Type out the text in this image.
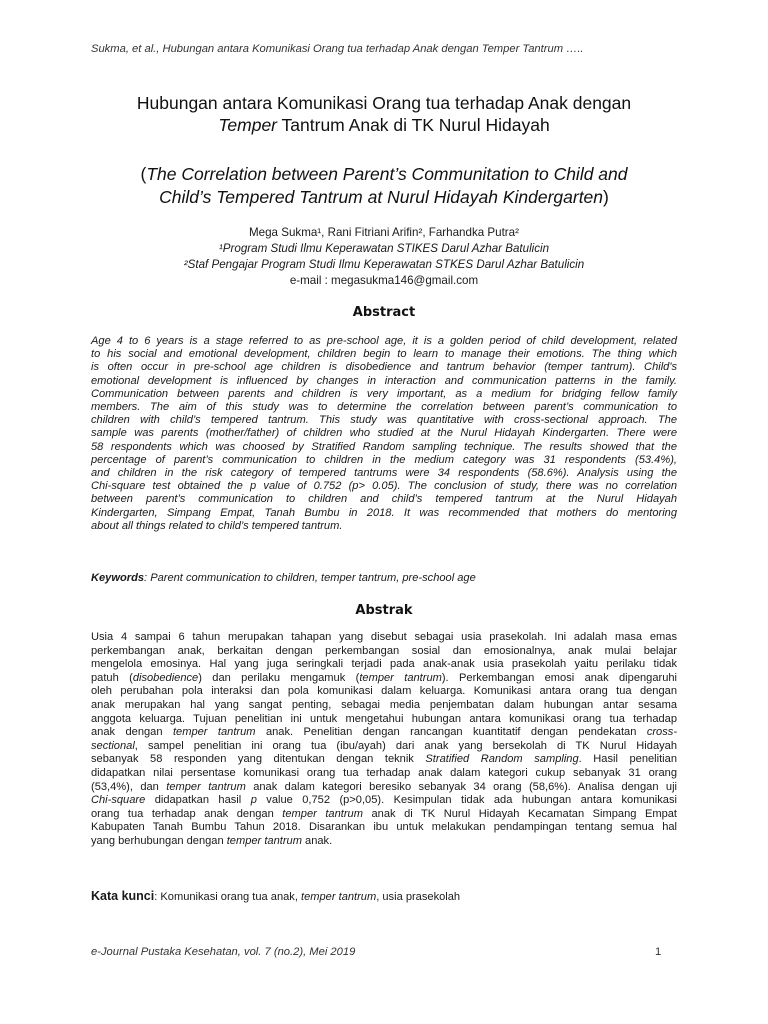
Sukma, et al., Hubungan antara Komunikasi Orang tua terhadap Anak dengan Temper Tantrum …..
Hubungan antara Komunikasi Orang tua terhadap Anak dengan
Temper Tantrum Anak di TK Nurul Hidayah
(The Correlation between Parent’s Communitation to Child and
Child’s Tempered Tantrum at Nurul Hidayah Kindergarten)
Mega Sukma¹, Rani Fitriani Arifin², Farhandka Putra²
¹Program Studi Ilmu Keperawatan STIKES Darul Azhar Batulicin
²Staf Pengajar Program Studi Ilmu Keperawatan STKES Darul Azhar Batulicin
e-mail : megasukma146@gmail.com
Abstract
Age 4 to 6 years is a stage referred to as pre-school age, it is a golden period of child development, related
to his social and emotional development, children begin to learn to manage their emotions. The thing which
is often occur in pre-school age children is disobedience and tantrum behavior (temper tantrum). Child's
emotional development is influenced by changes in interaction and communication patterns in the family.
Communication between parents and children is very important, as a medium for bridging fellow family
members. The aim of this study was to determine the correlation between parent’s communication to
children with child’s tempered tantrum. This study was quantitative with cross-sectional approach. The
sample was parents (mother/father) of children who studied at the Nurul Hidayah Kindergarten. There were
58 respondents which was choosed by Stratified Random sampling technique. The results showed that the
percentage of parent’s communication to children in the medium category was 31 respondents (53.4%),
and children in the risk category of tempered tantrums were 34 respondents (58.6%). Analysis using the
Chi-square test obtained the p value of 0.752 (p> 0.05). The conclusion of study, there was no correlation
between parent’s communication to children and child’s tempered tantrum at the Nurul Hidayah
Kindergarten, Simpang Empat, Tanah Bumbu in 2018. It was recommended that mothers do mentoring
about all things related to child’s tempered tantrum.
Keywords: Parent communication to children, temper tantrum, pre-school age
Abstrak
Usia 4 sampai 6 tahun merupakan tahapan yang disebut sebagai usia prasekolah. Ini adalah masa emas
perkembangan anak, berkaitan dengan perkembangan sosial dan emosionalnya, anak mulai belajar
mengelola emosinya. Hal yang juga seringkali terjadi pada anak-anak usia prasekolah yaitu perilaku tidak
patuh (disobedience) dan perilaku mengamuk (temper tantrum). Perkembangan emosi anak dipengaruhi
oleh perubahan pola interaksi dan pola komunikasi dalam keluarga. Komunikasi antara orang tua dengan
anak merupakan hal yang sangat penting, sebagai media penjembatan dalam hubungan antar sesama
anggota keluarga. Tujuan penelitian ini untuk mengetahui hubungan antara komunikasi orang tua terhadap
anak dengan temper tantrum anak. Penelitian dengan rancangan kuantitatif dengan pendekatan cross-
sectional, sampel penelitian ini orang tua (ibu/ayah) dari anak yang bersekolah di TK Nurul Hidayah
sebanyak 58 responden yang ditentukan dengan teknik Stratified Random sampling. Hasil penelitian
didapatkan nilai persentase komunikasi orang tua terhadap anak dalam kategori cukup sebanyak 31 orang
(53,4%), dan temper tantrum anak dalam kategori beresiko sebanyak 34 orang (58,6%). Analisa dengan uji
Chi-square didapatkan hasil p value 0,752 (p>0,05). Kesimpulan tidak ada hubungan antara komunikasi
orang tua terhadap anak dengan temper tantrum anak di TK Nurul Hidayah Kecamatan Simpang Empat
Kabupaten Tanah Bumbu Tahun 2018. Disarankan ibu untuk melakukan pendampingan tentang semua hal
yang berhubungan dengan temper tantrum anak.
Kata kunci: Komunikasi orang tua anak, temper tantrum, usia prasekolah
e-Journal Pustaka Kesehatan, vol. 7 (no.2), Mei 2019	1
